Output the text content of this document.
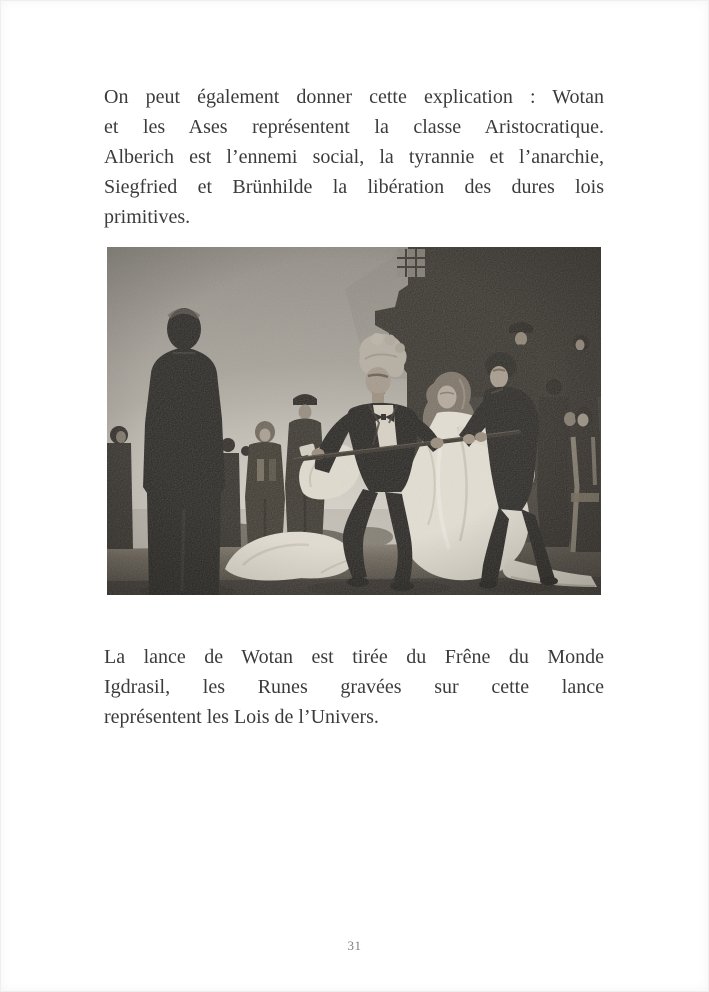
On peut également donner cette explication : Wotan
et les Ases représentent la classe Aristocratique.
Alberich est l’ennemi social, la tyrannie et l’anarchie,
Siegfried et Brünhilde la libération des dures lois
primitives.
La lance de Wotan est tirée du Frêne du Monde
Igdrasil, les Runes gravées sur cette lance
représentent les Lois de l’Univers.
31
